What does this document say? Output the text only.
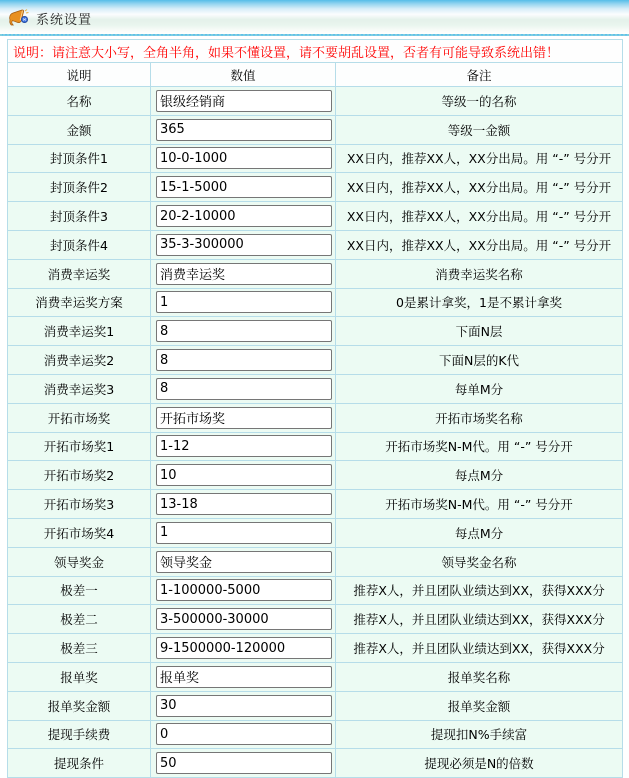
系统设置
说明：请注意大小写，全角半角，如果不懂设置，请不要胡乱设置，否者有可能导致系统出错！		
说明	数值	备注
名称	银级经销商	等级一的名称
金额	365	等级一金额
封顶条件1	10-0-1000	XX日内，推荐XX人，XX分出局。用 “-” 号分开
封顶条件2	15-1-5000	XX日内，推荐XX人，XX分出局。用 “-” 号分开
封顶条件3	20-2-10000	XX日内，推荐XX人，XX分出局。用 “-” 号分开
封顶条件4	35-3-300000	XX日内，推荐XX人，XX分出局。用 “-” 号分开
消费幸运奖	消费幸运奖	消费幸运奖名称
消费幸运奖方案	1	0是累计拿奖，1是不累计拿奖
消费幸运奖1	8	下面N层
消费幸运奖2	8	下面N层的K代
消费幸运奖3	8	每单M分
开拓市场奖	开拓市场奖	开拓市场奖名称
开拓市场奖1	1-12	开拓市场奖N-M代。用 “-” 号分开
开拓市场奖2	10	每点M分
开拓市场奖3	13-18	开拓市场奖N-M代。用 “-” 号分开
开拓市场奖4	1	每点M分
领导奖金	领导奖金	领导奖金名称
极差一	1-100000-5000	推荐X人，并且团队业绩达到XX，获得XXX分
极差二	3-500000-30000	推荐X人，并且团队业绩达到XX，获得XXX分
极差三	9-1500000-120000	推荐X人，并且团队业绩达到XX，获得XXX分
报单奖	报单奖	报单奖名称
报单奖金额	30	报单奖金额
提现手续费	0	提现扣N%手续富
提现条件	50	提现必须是N的倍数
